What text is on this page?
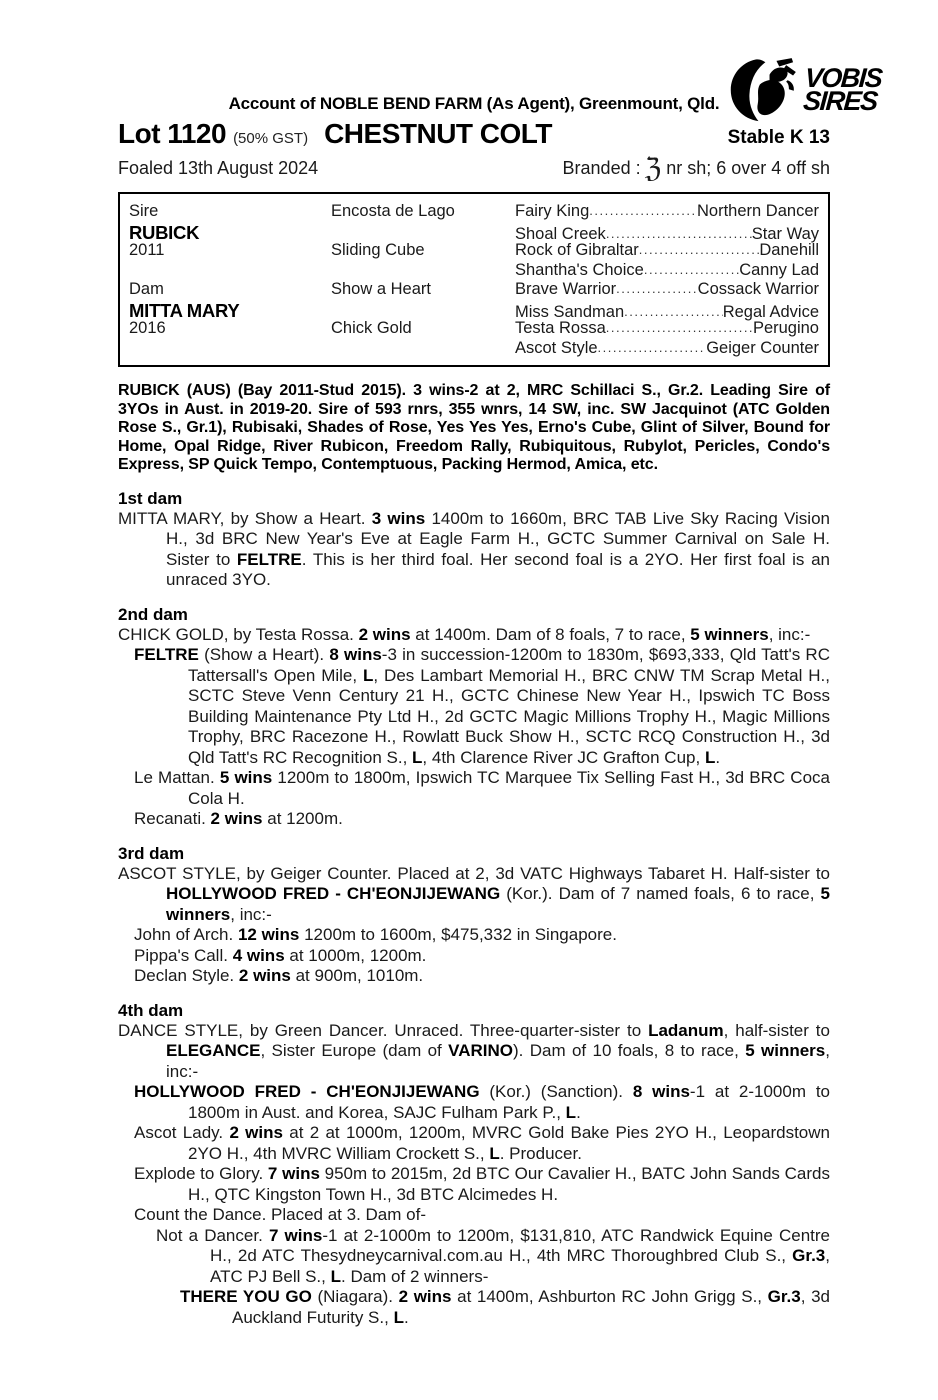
VOBIS
SIRES
Account of NOBLE BEND FARM (As Agent), Greenmount, Qld.
Lot 1120 (50% GST) CHESTNUT COLT	Stable K 13
Foaled 13th August 2024	Branded : ℨ nr sh; 6 over 4 off sh
Sire	Encosta de Lago	Fairy King .....	Northern Dancer
RUBICK	Shoal Creek .....	Star Way
2011	Sliding Cube	Rock of Gibraltar .....	Danehill
Shantha's Choice .....	Canny Lad
Dam	Show a Heart	Brave Warrior .....	Cossack Warrior
MITTA MARY	Miss Sandman .....	Regal Advice
2016	Chick Gold	Testa Rossa .....	Perugino
Ascot Style .....	Geiger Counter
RUBICK (AUS) (Bay 2011-Stud 2015). 3 wins-2 at 2, MRC Schillaci S., Gr.2. Leading Sire of 3YOs in Aust. in 2019-20. Sire of 593 rnrs, 355 wnrs, 14 SW, inc. SW Jacquinot (ATC Golden Rose S., Gr.1), Rubisaki, Shades of Rose, Yes Yes Yes, Erno's Cube, Glint of Silver, Bound for Home, Opal Ridge, River Rubicon, Freedom Rally, Rubiquitous, Rubylot, Pericles, Condo's Express, SP Quick Tempo, Contemptuous, Packing Hermod, Amica, etc.
1st dam

MITTA MARY, by Show a Heart. 3 wins 1400m to 1660m, BRC TAB Live Sky Racing Vision H., 3d BRC New Year's Eve at Eagle Farm H., GCTC Summer Carnival on Sale H. Sister to FELTRE. This is her third foal. Her second foal is a 2YO. Her first foal is an unraced 3YO.

2nd dam

CHICK GOLD, by Testa Rossa. 2 wins at 1400m. Dam of 8 foals, 7 to race, 5 winners, inc:-

FELTRE (Show a Heart). 8 wins-3 in succession-1200m to 1830m, $693,333, Qld Tatt's RC Tattersall's Open Mile, L, Des Lambart Memorial H., BRC CNW TM Scrap Metal H., SCTC Steve Venn Century 21 H., GCTC Chinese New Year H., Ipswich TC Boss Building Maintenance Pty Ltd H., 2d GCTC Magic Millions Trophy H., Magic Millions Trophy, BRC Racezone H., Rowlatt Buck Show H., SCTC RCQ Construction H., 3d Qld Tatt's RC Recognition S., L, 4th Clarence River JC Grafton Cup, L.

Le Mattan. 5 wins 1200m to 1800m, Ipswich TC Marquee Tix Selling Fast H., 3d BRC Coca Cola H.

Recanati. 2 wins at 1200m.

3rd dam

ASCOT STYLE, by Geiger Counter. Placed at 2, 3d VATC Highways Tabaret H. Half-sister to HOLLYWOOD FRED - CH'EONJIJEWANG (Kor.). Dam of 7 named foals, 6 to race, 5 winners, inc:-

John of Arch. 12 wins 1200m to 1600m, $475,332 in Singapore.

Pippa's Call. 4 wins at 1000m, 1200m.

Declan Style. 2 wins at 900m, 1010m.

4th dam

DANCE STYLE, by Green Dancer. Unraced. Three-quarter-sister to Ladanum, half-sister to ELEGANCE, Sister Europe (dam of VARINO). Dam of 10 foals, 8 to race, 5 winners, inc:-

HOLLYWOOD FRED - CH'EONJIJEWANG (Kor.) (Sanction). 8 wins-1 at 2-1000m to 1800m in Aust. and Korea, SAJC Fulham Park P., L.

Ascot Lady. 2 wins at 2 at 1000m, 1200m, MVRC Gold Bake Pies 2YO H., Leopardstown 2YO H., 4th MVRC William Crockett S., L. Producer.

Explode to Glory. 7 wins 950m to 2015m, 2d BTC Our Cavalier H., BATC John Sands Cards H., QTC Kingston Town H., 3d BTC Alcimedes H.

Count the Dance. Placed at 3. Dam of-

Not a Dancer. 7 wins-1 at 2-1000m to 1200m, $131,810, ATC Randwick Equine Centre H., 2d ATC Thesydneycarnival.com.au H., 4th MRC Thoroughbred Club S., Gr.3, ATC PJ Bell S., L. Dam of 2 winners-

THERE YOU GO (Niagara). 2 wins at 1400m, Ashburton RC John Grigg S., Gr.3, 3d Auckland Futurity S., L.
